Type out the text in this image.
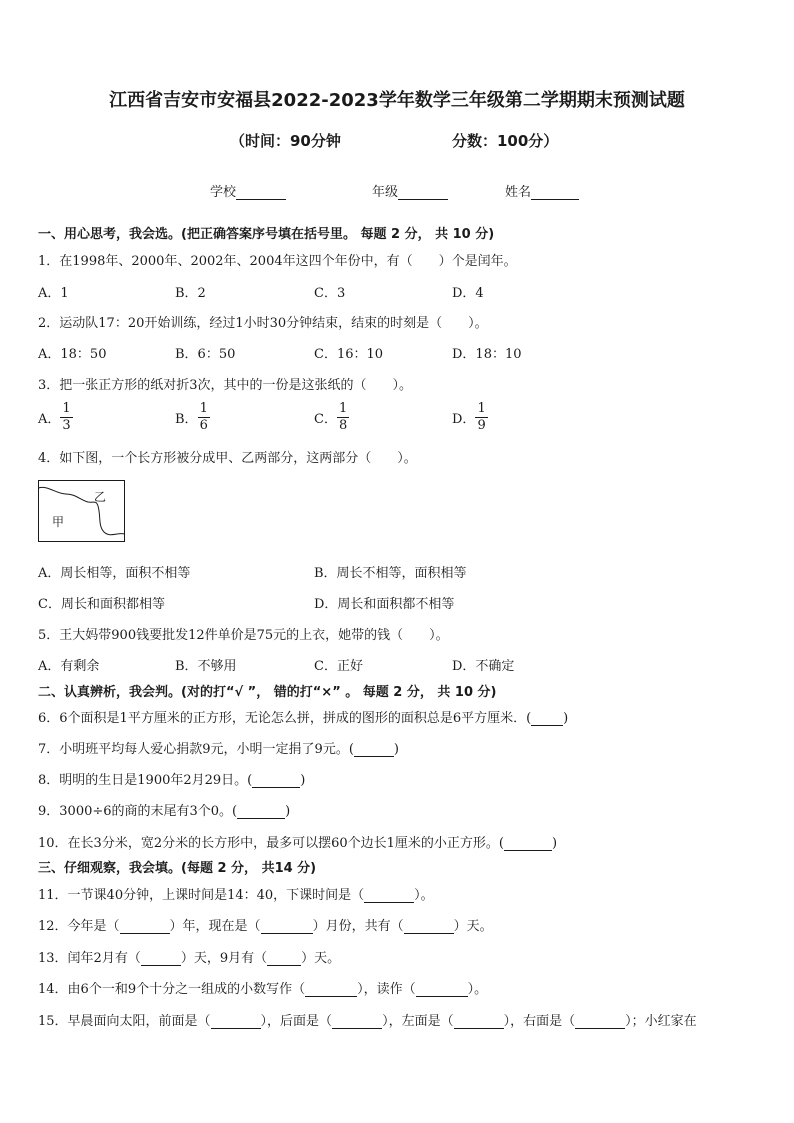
江西省吉安市安福县2022-2023学年数学三年级第二学期期末预测试题
（时间：90分钟	分数：100分）
学校	年级	姓名
一、用心思考，我会选。(把正确答案序号填在括号里。 每题 2 分， 共 10 分)
1．在1998年、2000年、2002年、2004年这四个年份中，有（　　）个是闰年。
A．1	B．2	C．3	D．4
2．运动队17：20开始训练，经过1小时30分钟结束，结束的时刻是（　　）。
A．18：50	B．6：50	C．16：10	D．18：10
3．把一张正方形的纸对折3次，其中的一份是这张纸的（　　）。
A． $\frac{1}{3}$	B． $\frac{1}{6}$	C． $\frac{1}{8}$	D． $\frac{1}{9}$
4．如下图，一个长方形被分成甲、乙两部分，这两部分（　　）。
甲
乙
A．周长相等，面积不相等	B．周长不相等，面积相等
C．周长和面积都相等	D．周长和面积都不相等
5．王大妈带900钱要批发12件单价是75元的上衣，她带的钱（　　）。
A．有剩余	B．不够用	C．正好	D．不确定
二、认真辨析，我会判。(对的打“√ ”， 错的打“×” 。 每题 2 分， 共 10 分)
6．6个面积是1平方厘米的正方形，无论怎么拼，拼成的图形的面积总是6平方厘米．( )
7．小明班平均每人爱心捐款9元，小明一定捐了9元。(	)
8．明明的生日是1900年2月29日。(	)
9．3000÷6的商的末尾有3个0。(	)
10．在长3分米，宽2分米的长方形中，最多可以摆60个边长1厘米的小正方形。(	)
三、仔细观察，我会填。(每题 2 分， 共14 分)
11．一节课40分钟，上课时间是14：40，下课时间是（	）。
12．今年是（	）年，现在是（	）月份，共有（	）天。
13．闰年2月有（	）天，9月有（	）天。
14．由6个一和9个十分之一组成的小数写作（	），读作（	）。
15．早晨面向太阳，前面是（	），后面是（	），左面是（	），右面是（	）；小红家在
